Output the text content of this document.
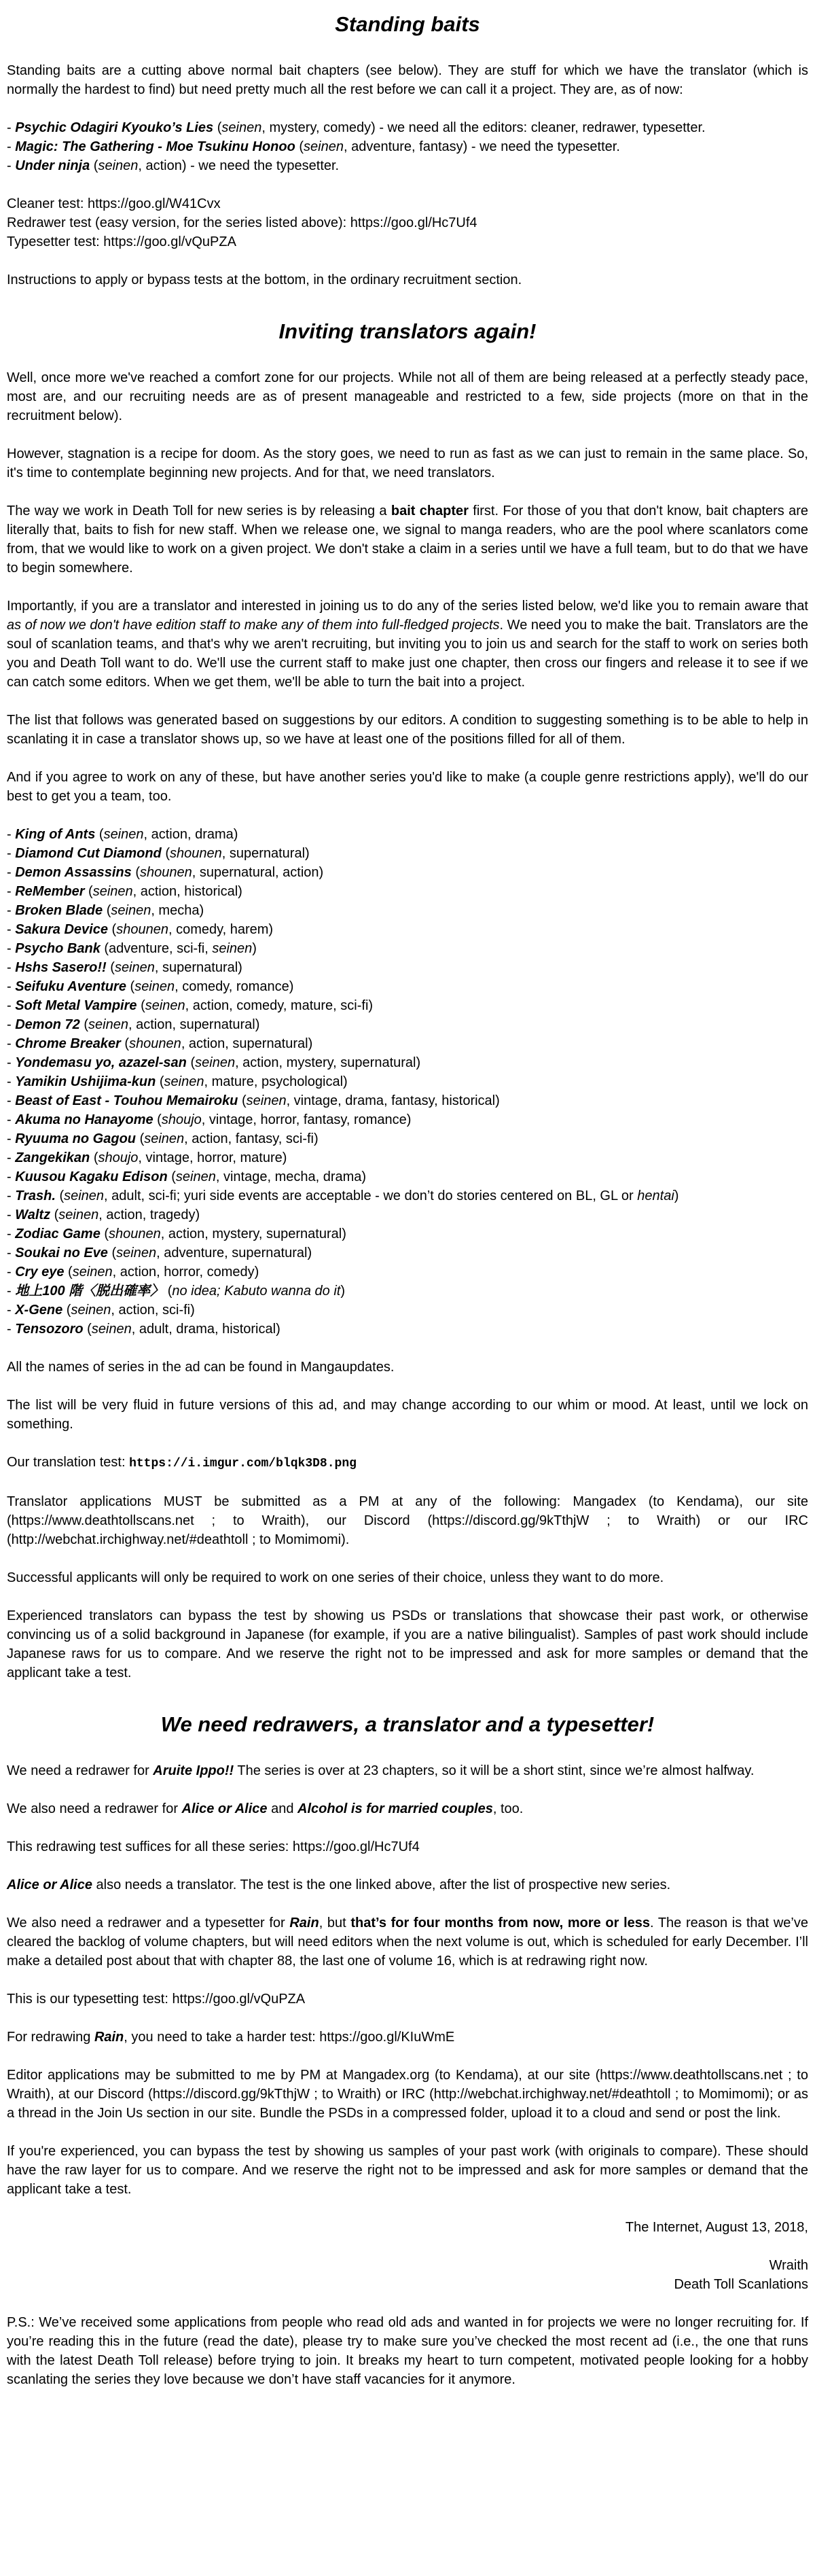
Standing baits

Standing baits are a cutting above normal bait chapters (see below). They are stuff for which we have the translator (which is normally the hardest to find) but need pretty much all the rest before we can call it a project. They are, as of now:

- Psychic Odagiri Kyouko’s Lies (seinen, mystery, comedy) - we need all the editors: cleaner, redrawer, typesetter.
- Magic: The Gathering - Moe Tsukinu Honoo (seinen, adventure, fantasy) - we need the typesetter.
- Under ninja (seinen, action) - we need the typesetter.

Cleaner test: https://goo.gl/W41Cvx
Redrawer test (easy version, for the series listed above): https://goo.gl/Hc7Uf4
Typesetter test: https://goo.gl/vQuPZA

Instructions to apply or bypass tests at the bottom, in the ordinary recruitment section.

Inviting translators again!

Well, once more we've reached a comfort zone for our projects. While not all of them are being released at a perfectly steady pace, most are, and our recruiting needs are as of present manageable and restricted to a few, side projects (more on that in the recruitment below).

However, stagnation is a recipe for doom. As the story goes, we need to run as fast as we can just to remain in the same place. So, it's time to contemplate beginning new projects. And for that, we need translators.

The way we work in Death Toll for new series is by releasing a bait chapter first. For those of you that don't know, bait chapters are literally that, baits to fish for new staff. When we release one, we signal to manga readers, who are the pool where scanlators come from, that we would like to work on a given project. We don't stake a claim in a series until we have a full team, but to do that we have to begin somewhere.

Importantly, if you are a translator and interested in joining us to do any of the series listed below, we'd like you to remain aware that as of now we don't have edition staff to make any of them into full-fledged projects. We need you to make the bait. Translators are the soul of scanlation teams, and that's why we aren't recruiting, but inviting you to join us and search for the staff to work on series both you and Death Toll want to do. We'll use the current staff to make just one chapter, then cross our fingers and release it to see if we can catch some editors. When we get them, we'll be able to turn the bait into a project.

The list that follows was generated based on suggestions by our editors. A condition to suggesting something is to be able to help in scanlating it in case a translator shows up, so we have at least one of the positions filled for all of them.

And if you agree to work on any of these, but have another series you'd like to make (a couple genre restrictions apply), we'll do our best to get you a team, too.

- King of Ants (seinen, action, drama)
- Diamond Cut Diamond (shounen, supernatural)
- Demon Assassins (shounen, supernatural, action)
- ReMember (seinen, action, historical)
- Broken Blade (seinen, mecha)
- Sakura Device (shounen, comedy, harem)
- Psycho Bank (adventure, sci-fi, seinen)
- Hshs Sasero!! (seinen, supernatural)
- Seifuku Aventure (seinen, comedy, romance)
- Soft Metal Vampire (seinen, action, comedy, mature, sci-fi)
- Demon 72 (seinen, action, supernatural)
- Chrome Breaker (shounen, action, supernatural)
- Yondemasu yo, azazel-san (seinen, action, mystery, supernatural)
- Yamikin Ushijima-kun (seinen, mature, psychological)
- Beast of East - Touhou Memairoku (seinen, vintage, drama, fantasy, historical)
- Akuma no Hanayome (shoujo, vintage, horror, fantasy, romance)
- Ryuuma no Gagou (seinen, action, fantasy, sci-fi)
- Zangekikan (shoujo, vintage, horror, mature)
- Kuusou Kagaku Edison (seinen, vintage, mecha, drama)
- Trash. (seinen, adult, sci-fi; yuri side events are acceptable - we don’t do stories centered on BL, GL or hentai)
- Waltz (seinen, action, tragedy)
- Zodiac Game (shounen, action, mystery, supernatural)
- Soukai no Eve (seinen, adventure, supernatural)
- Cry eye (seinen, action, horror, comedy)
- 地上100 階〈脱出確率〉 (no idea; Kabuto wanna do it)
- X-Gene (seinen, action, sci-fi)
- Tensozoro (seinen, adult, drama, historical)

All the names of series in the ad can be found in Mangaupdates.

The list will be very fluid in future versions of this ad, and may change according to our whim or mood. At least, until we lock on something.

Our translation test: https://i.imgur.com/blqk3D8.png

Translator applications MUST be submitted as a PM at any of the following: Mangadex (to Kendama), our site (https://www.deathtollscans.net ; to Wraith), our Discord (https://discord.gg/9kTthjW ; to Wraith) or our IRC (http://webchat.irchighway.net/#deathtoll ; to Momimomi).

Successful applicants will only be required to work on one series of their choice, unless they want to do more.

Experienced translators can bypass the test by showing us PSDs or translations that showcase their past work, or otherwise convincing us of a solid background in Japanese (for example, if you are a native bilingualist). Samples of past work should include Japanese raws for us to compare. And we reserve the right not to be impressed and ask for more samples or demand that the applicant take a test.

We need redrawers, a translator and a typesetter!

We need a redrawer for Aruite Ippo!! The series is over at 23 chapters, so it will be a short stint, since we’re almost halfway.

We also need a redrawer for Alice or Alice and Alcohol is for married couples, too.

This redrawing test suffices for all these series: https://goo.gl/Hc7Uf4

Alice or Alice also needs a translator. The test is the one linked above, after the list of prospective new series.

We also need a redrawer and a typesetter for Rain, but that’s for four months from now, more or less. The reason is that we’ve cleared the backlog of volume chapters, but will need editors when the next volume is out, which is scheduled for early December. I’ll make a detailed post about that with chapter 88, the last one of volume 16, which is at redrawing right now.

This is our typesetting test: https://goo.gl/vQuPZA

For redrawing Rain, you need to take a harder test: https://goo.gl/KIuWmE

Editor applications may be submitted to me by PM at Mangadex.org (to Kendama), at our site (https://www.deathtollscans.net ; to Wraith), at our Discord (https://discord.gg/9kTthjW ; to Wraith) or IRC (http://webchat.irchighway.net/#deathtoll ; to Momimomi); or as a thread in the Join Us section in our site. Bundle the PSDs in a compressed folder, upload it to a cloud and send or post the link.

If you're experienced, you can bypass the test by showing us samples of your past work (with originals to compare). These should have the raw layer for us to compare. And we reserve the right not to be impressed and ask for more samples or demand that the applicant take a test.

The Internet, August 13, 2018,

Wraith
Death Toll Scanlations

P.S.: We’ve received some applications from people who read old ads and wanted in for projects we were no longer recruiting for. If you’re reading this in the future (read the date), please try to make sure you’ve checked the most recent ad (i.e., the one that runs with the latest Death Toll release) before trying to join. It breaks my heart to turn competent, motivated people looking for a hobby scanlating the series they love because we don’t have staff vacancies for it anymore.
